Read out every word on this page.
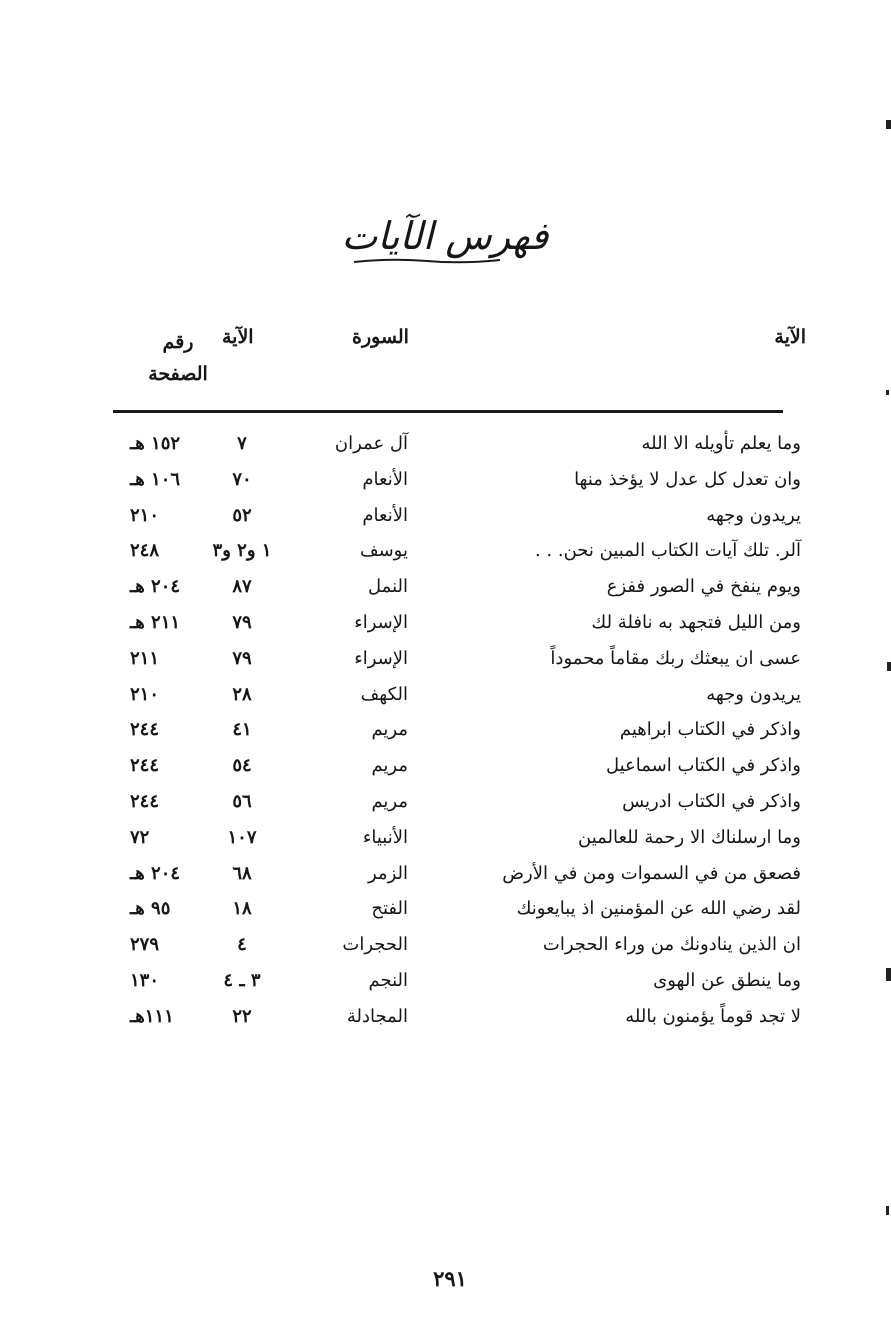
فهرس الآيات
الآية
السورة
الآية
رقم
الصفحة
وما يعلم تأويله الا الله
آل عمران
٧
١٥٢ هـ
وان تعدل كل عدل لا يؤخذ منها
الأنعام
٧٠
١٠٦ هـ
يريدون وجهه
الأنعام
٥٢
٢١٠
آلر. تلك آيات الكتاب المبين نحن. . .
يوسف
١ و٢ و٣
٢٤٨
ويوم ينفخ في الصور ففزع
النمل
٨٧
٢٠٤ هـ
ومن الليل فتجهد به نافلة لك
الإسراء
٧٩
٢١١ هـ
عسى ان يبعثك ربك مقاماً محموداً
الإسراء
٧٩
٢١١
يريدون وجهه
الكهف
٢٨
٢١٠
واذكر في الكتاب ابراهيم
مريم
٤١
٢٤٤
واذكر في الكتاب اسماعيل
مريم
٥٤
٢٤٤
واذكر في الكتاب ادريس
مريم
٥٦
٢٤٤
وما ارسلناك الا رحمة للعالمين
الأنبياء
١٠٧
٧٢
فصعق من في السموات ومن في الأرض
الزمر
٦٨
٢٠٤ هـ
لقد رضي الله عن المؤمنين اذ يبايعونك
الفتح
١٨
٩٥ هـ
ان الذين ينادونك من وراء الحجرات
الحجرات
٤
٢٧٩
وما ينطق عن الهوى
النجم
٣ ـ ٤
١٣٠
لا تجد قوماً يؤمنون بالله
المجادلة
٢٢
١١١هـ
٢٩١
